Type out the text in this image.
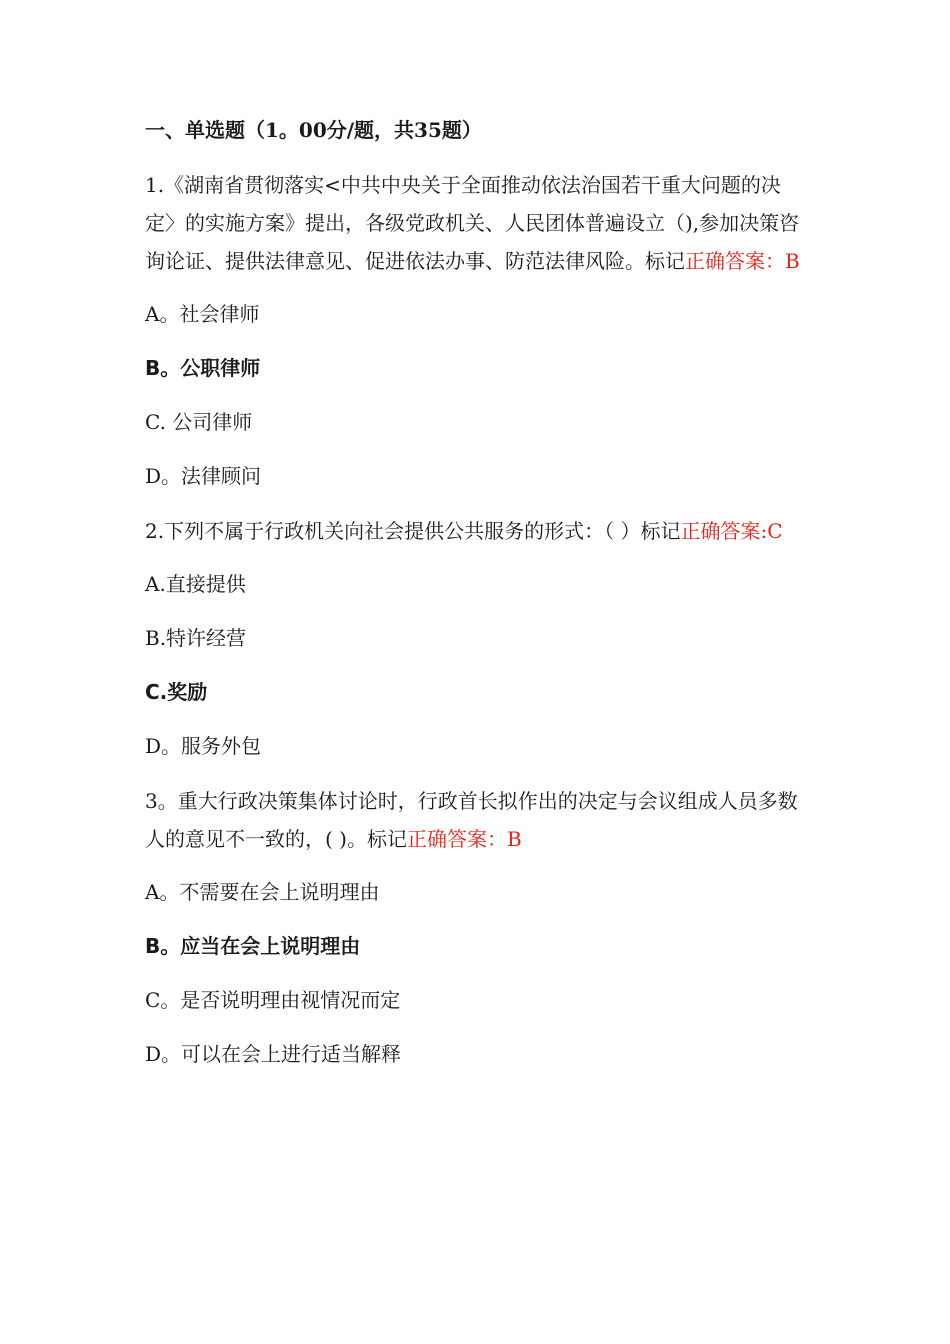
一、单选题（1。00分/题，共35题）
1.《湖南省贯彻落实<中共中央关于全面推动依法治国若干重大问题的决定〉的实施方案》提出，各级党政机关、人民团体普遍设立（),参加决策咨询论证、提供法律意见、促进依法办事、防范法律风险。标记正确答案：B
A。社会律师
B。公职律师
C. 公司律师
D。法律顾问
2.下列不属于行政机关向社会提供公共服务的形式：（ ）标记正确答案:C
A.直接提供
B.特许经营
C.奖励
D。服务外包
3。重大行政决策集体讨论时，行政首长拟作出的决定与会议组成人员多数人的意见不一致的，( )。标记正确答案：B
A。不需要在会上说明理由
B。应当在会上说明理由
C。是否说明理由视情况而定
D。可以在会上进行适当解释
